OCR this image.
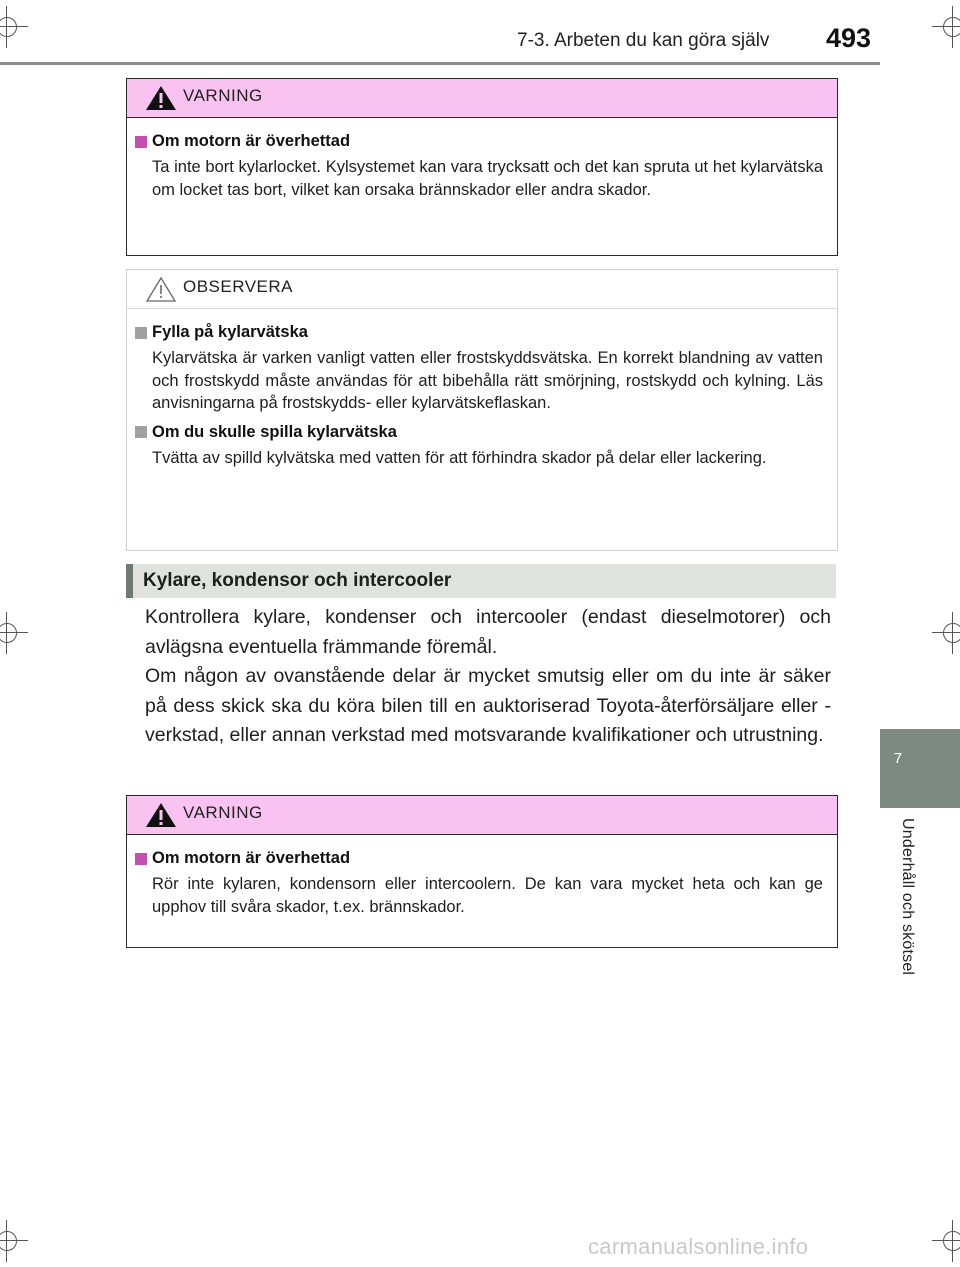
7-3. Arbeten du kan göra själv 493
7
Underhåll och skötsel
VARNING
Om motorn är överhettad
Ta inte bort kylarlocket. Kylsystemet kan vara trycksatt och det kan spruta ut het kylarvätska om locket tas bort, vilket kan orsaka brännskador eller andra skador.
OBSERVERA
Fylla på kylarvätska
Kylarvätska är varken vanligt vatten eller frostskyddsvätska. En korrekt blandning av vatten och frostskydd måste användas för att bibehålla rätt smörjning, rostskydd och kylning. Läs anvisningarna på frostskydds- eller kylarvätskeflaskan.
Om du skulle spilla kylarvätska
Tvätta av spilld kylvätska med vatten för att förhindra skador på delar eller lackering.
Kylare, kondensor och intercooler

Kontrollera kylare, kondenser och intercooler (endast dieselmotorer) och avlägsna eventuella främmande föremål.

Om någon av ovanstående delar är mycket smutsig eller om du inte är säker på dess skick ska du köra bilen till en auktoriserad Toyota-återförsäljare eller -verkstad, eller annan verkstad med motsvarande kvalifikationer och utrustning.

VARNING
Om motorn är överhettad
Rör inte kylaren, kondensorn eller intercoolern. De kan vara mycket heta och kan ge upphov till svåra skador, t.ex. brännskador.
carmanualsonline.info
